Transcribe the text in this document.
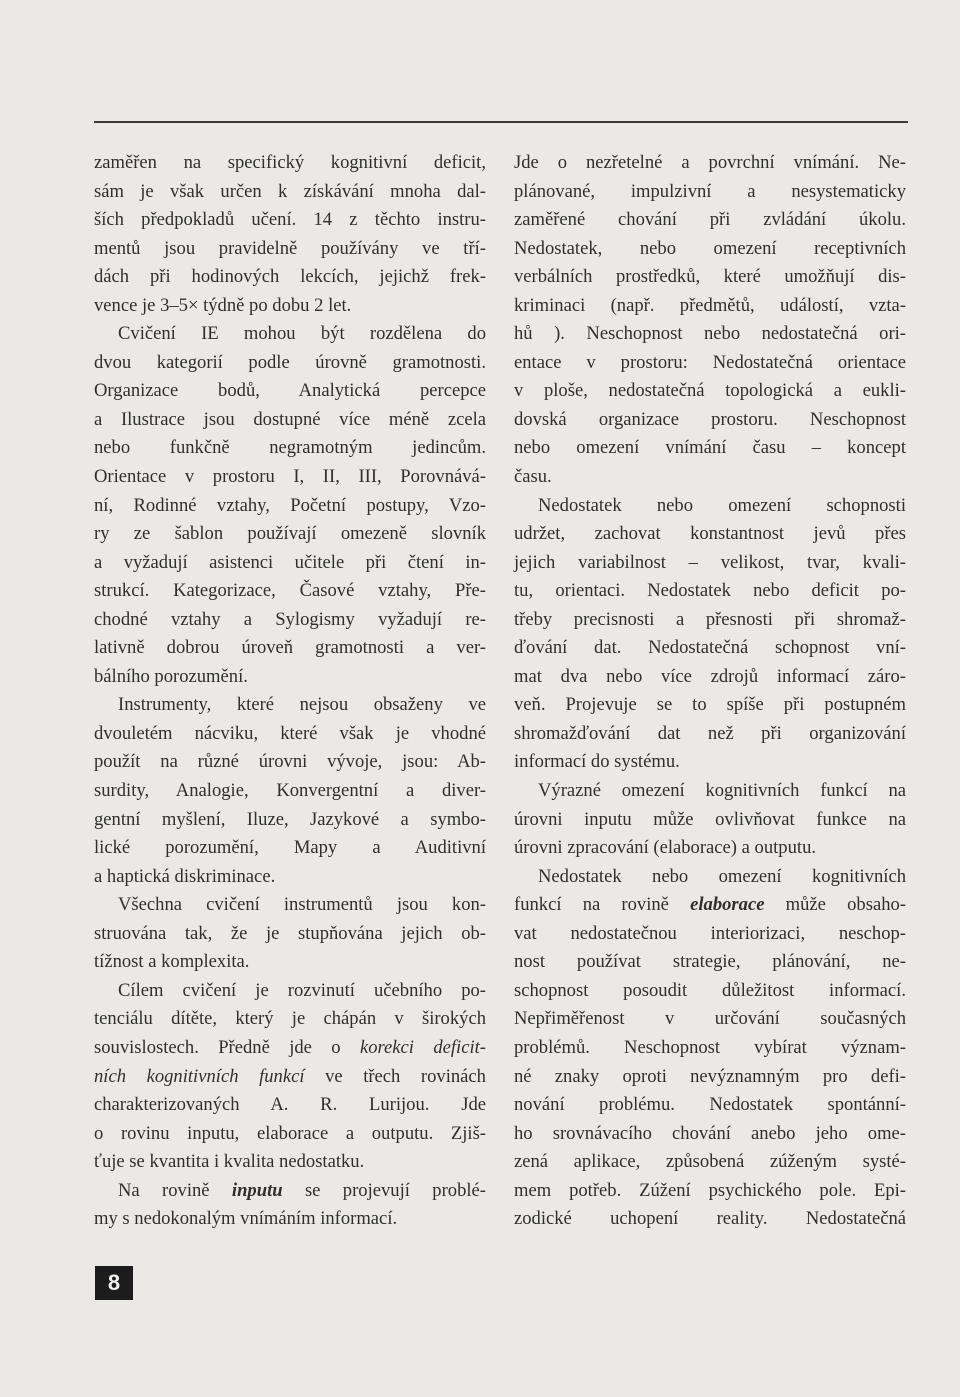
zaměřen na specifický kognitivní deficit,
sám je však určen k získávání mnoha dal-
ších předpokladů učení. 14 z těchto instru-
mentů jsou pravidelně používány ve tří-
dách při hodinových lekcích, jejichž frek-
vence je 3–5× týdně po dobu 2 let.
Cvičení IE mohou být rozdělena do
dvou kategorií podle úrovně gramotnosti.
Organizace bodů, Analytická percepce
a Ilustrace jsou dostupné více méně zcela
nebo funkčně negramotným jedincům.
Orientace v prostoru I, II, III, Porovnává-
ní, Rodinné vztahy, Početní postupy, Vzo-
ry ze šablon používají omezeně slovník
a vyžadují asistenci učitele při čtení in-
strukcí. Kategorizace, Časové vztahy, Pře-
chodné vztahy a Sylogismy vyžadují re-
lativně dobrou úroveň gramotnosti a ver-
bálního porozumění.
Instrumenty, které nejsou obsaženy ve
dvouletém nácviku, které však je vhodné
použít na různé úrovni vývoje, jsou: Ab-
surdity, Analogie, Konvergentní a diver-
gentní myšlení, Iluze, Jazykové a symbo-
lické porozumění, Mapy a Auditivní
a haptická diskriminace.
Všechna cvičení instrumentů jsou kon-
struována tak, že je stupňována jejich ob-
tížnost a komplexita.
Cílem cvičení je rozvinutí učebního po-
tenciálu dítěte, který je chápán v širokých
souvislostech. Předně jde o korekci deficit-
ních kognitivních funkcí ve třech rovinách
charakterizovaných A. R. Lurijou. Jde
o rovinu inputu, elaborace a outputu. Zjiš-
ťuje se kvantita i kvalita nedostatku.
Na rovině inputu se projevují problé-
my s nedokonalým vnímáním informací.
Jde o nezřetelné a povrchní vnímání. Ne-
plánované, impulzivní a nesystematicky
zaměřené chování při zvládání úkolu.
Nedostatek, nebo omezení receptivních
verbálních prostředků, které umožňují dis-
kriminaci (např. předmětů, událostí, vzta-
hů ). Neschopnost nebo nedostatečná ori-
entace v prostoru: Nedostatečná orientace
v ploše, nedostatečná topologická a eukli-
dovská organizace prostoru. Neschopnost
nebo omezení vnímání času – koncept
času.
Nedostatek nebo omezení schopnosti
udržet, zachovat konstantnost jevů přes
jejich variabilnost – velikost, tvar, kvali-
tu, orientaci. Nedostatek nebo deficit po-
třeby precisnosti a přesnosti při shromaž-
ďování dat. Nedostatečná schopnost vní-
mat dva nebo více zdrojů informací záro-
veň. Projevuje se to spíše při postupném
shromažďování dat než při organizování
informací do systému.
Výrazné omezení kognitivních funkcí na
úrovni inputu může ovlivňovat funkce na
úrovni zpracování (elaborace) a outputu.
Nedostatek nebo omezení kognitivních
funkcí na rovině elaborace může obsaho-
vat nedostatečnou interiorizaci, neschop-
nost používat strategie, plánování, ne-
schopnost posoudit důležitost informací.
Nepřiměřenost v určování současných
problémů. Neschopnost vybírat význam-
né znaky oproti nevýznamným pro defi-
nování problému. Nedostatek spontánní-
ho srovnávacího chování anebo jeho ome-
zená aplikace, způsobená zúženým systé-
mem potřeb. Zúžení psychického pole. Epi-
zodické uchopení reality. Nedostatečná
8
